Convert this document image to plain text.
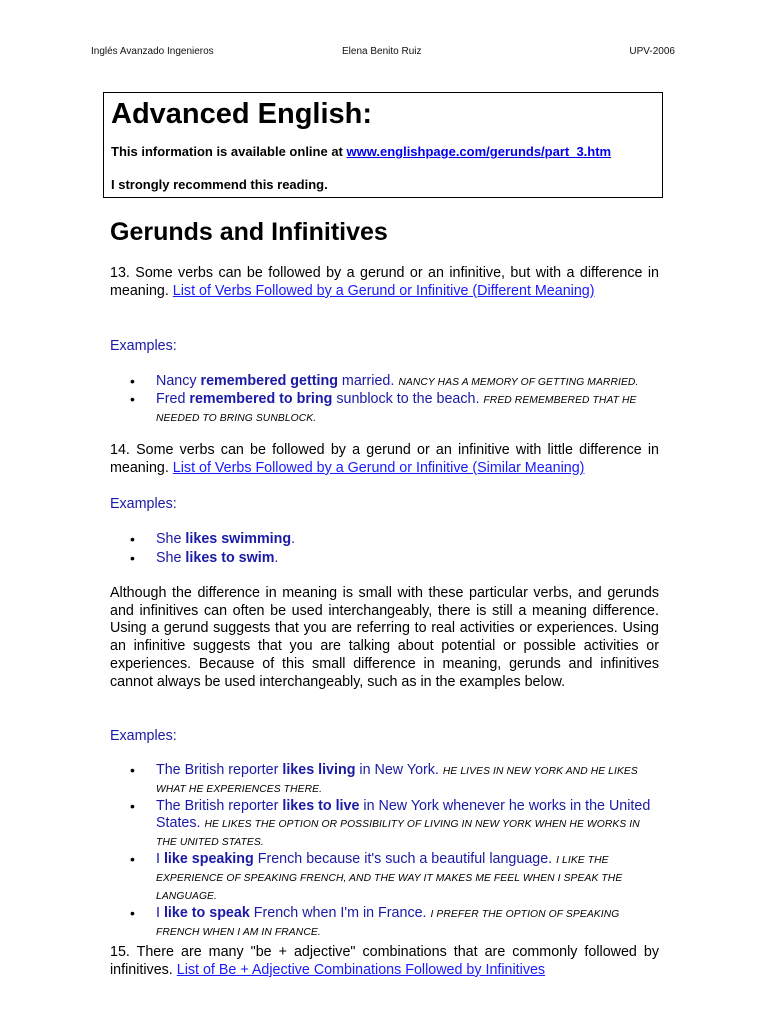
Inglés Avanzado Ingenieros	Elena Benito Ruiz	UPV-2006
Advanced English:
This information is available online at www.englishpage.com/gerunds/part_3.htm
I strongly recommend this reading.
Gerunds and Infinitives

13. Some verbs can be followed by a gerund or an infinitive, but with a difference in meaning. List of Verbs Followed by a Gerund or Infinitive (Different Meaning)

Examples:
• Nancy remembered getting married. NANCY HAS A MEMORY OF GETTING MARRIED.
• Fred remembered to bring sunblock to the beach. FRED REMEMBERED THAT HE NEEDED TO BRING SUNBLOCK.

14. Some verbs can be followed by a gerund or an infinitive with little difference in meaning. List of Verbs Followed by a Gerund or Infinitive (Similar Meaning)

Examples:
• She likes swimming.
• She likes to swim.

Although the difference in meaning is small with these particular verbs, and gerunds and infinitives can often be used interchangeably, there is still a meaning difference. Using a gerund suggests that you are referring to real activities or experiences. Using an infinitive suggests that you are talking about potential or possible activities or experiences. Because of this small difference in meaning, gerunds and infinitives cannot always be used interchangeably, such as in the examples below.

Examples:
• The British reporter likes living in New York. HE LIVES IN NEW YORK AND HE LIKES WHAT HE EXPERIENCES THERE.
• The British reporter likes to live in New York whenever he works in the United States. HE LIKES THE OPTION OR POSSIBILITY OF LIVING IN NEW YORK WHEN HE WORKS IN THE UNITED STATES.
• I like speaking French because it's such a beautiful language. I LIKE THE EXPERIENCE OF SPEAKING FRENCH, AND THE WAY IT MAKES ME FEEL WHEN I SPEAK THE LANGUAGE.
• I like to speak French when I'm in France. I PREFER THE OPTION OF SPEAKING FRENCH WHEN I AM IN FRANCE.

15. There are many "be + adjective" combinations that are commonly followed by infinitives. List of Be + Adjective Combinations Followed by Infinitives
